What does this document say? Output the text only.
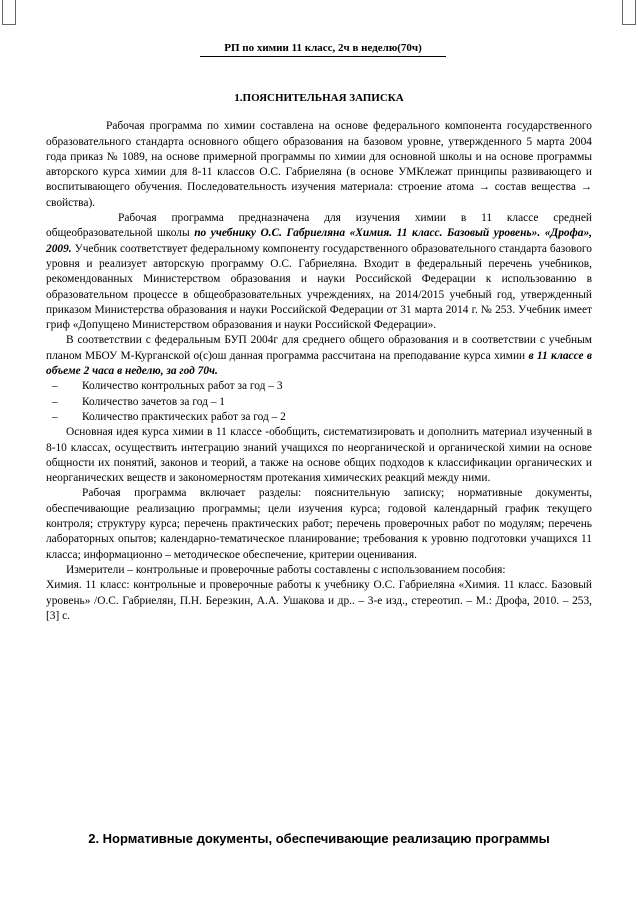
РП по химии 11 класс, 2ч в неделю(70ч)
1.ПОЯСНИТЕЛЬНАЯ ЗАПИСКА

Рабочая программа по химии составлена на основе федерального компонента государственного образовательного стандарта основного общего образования на базовом уровне, утвержденного 5 марта 2004 года приказ № 1089, на основе примерной программы по химии для основной школы и на основе программы авторского курса химии для 8-11 классов О.С. Габриеляна (в основе УМКлежат принципы развивающего и воспитывающего обучения. Последовательность изучения материала: строение атома → состав вещества → свойства).

Рабочая программа предназначена для изучения химии в 11 классе средней общеобразовательной школы по учебнику О.С. Габриеляна «Химия. 11 класс. Базовый уровень». «Дрофа», 2009. Учебник соответствует федеральному компоненту государственного образовательного стандарта базового уровня и реализует авторскую программу О.С. Габриеляна. Входит в федеральный перечень учебников, рекомендованных Министерством образования и науки Российской Федерации к использованию в образовательном процессе в общеобразовательных учреждениях, на 2014/2015 учебный год, утвержденный приказом Министерства образования и науки Российской Федерации от 31 марта 2014 г. № 253. Учебник имеет гриф «Допущено Министерством образования и науки Российской Федерации».

В соответствии с федеральным БУП 2004г для среднего общего образования и в соответствии с учебным планом МБОУ М-Курганской о(с)ош данная программа рассчитана на преподавание курса химии в 11 классе в объеме 2 часа в неделю, за год 70ч.

– Количество контрольных работ за год – 3
– Количество зачетов за год – 1
– Количество практических работ за год – 2

Основная идея курса химии в 11 классе -обобщить, систематизировать и дополнить материал изученный в 8-10 классах, осуществить интеграцию знаний учащихся по неорганической и органической химии на основе общности их понятий, законов и теорий, а также на основе общих подходов к классификации органических и неорганических веществ и закономерностям протекания химических реакций между ними.

Рабочая программа включает разделы: пояснительную записку; нормативные документы, обеспечивающие реализацию программы; цели изучения курса; годовой календарный график текущего контроля; структуру курса; перечень практических работ; перечень проверочных работ по модулям; перечень лабораторных опытов; календарно-тематическое планирование; требования к уровню подготовки учащихся 11 класса; информационно – методическое обеспечение, критерии оценивания.

Измерители – контрольные и проверочные работы составлены с использованием пособия:

Химия. 11 класс: контрольные и проверочные работы к учебнику О.С. Габриеляна «Химия. 11 класс. Базовый уровень» /О.С. Габриелян, П.Н. Березкин, А.А. Ушакова и др.. – 3-е изд., стереотип. – М.: Дрофа, 2010. – 253, [3] с.

2. Нормативные документы, обеспечивающие реализацию программы
